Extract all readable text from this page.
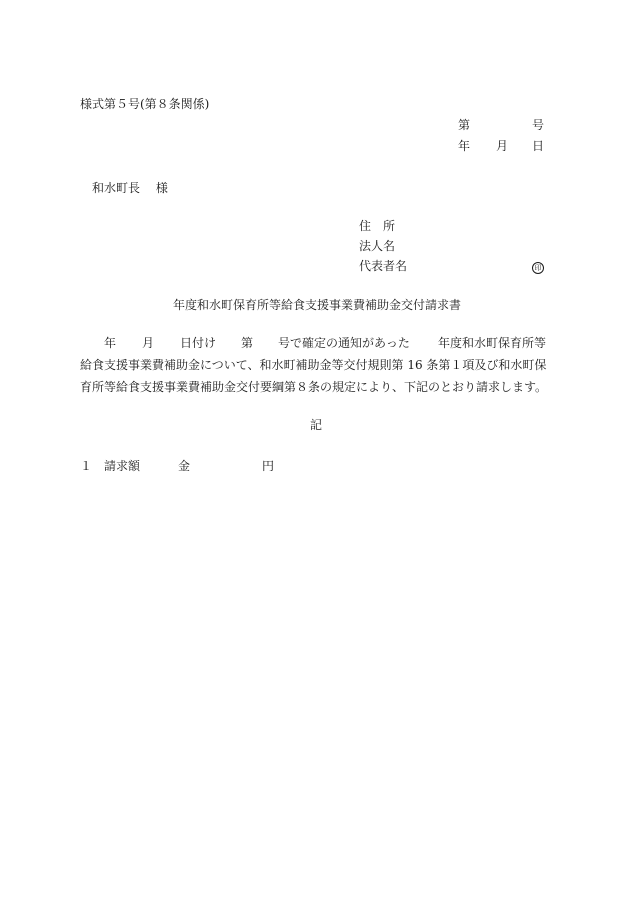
様式第５号(第８条関係)
第	号
年 月 日
和水町長　 様
住　所
法人名
代表者名	印
年度和水町保育所等給食支援事業費補助金交付請求書
年 月 日付け 第 号で確定の通知があった 年度和水町保育所等
給食支援事業費補助金について、和水町補助金等交付規則第 16 条第１項及び和水町保
育所等給食支援事業費補助金交付要綱第８条の規定により、下記のとおり請求します。
記
１ 請求額	金	円
